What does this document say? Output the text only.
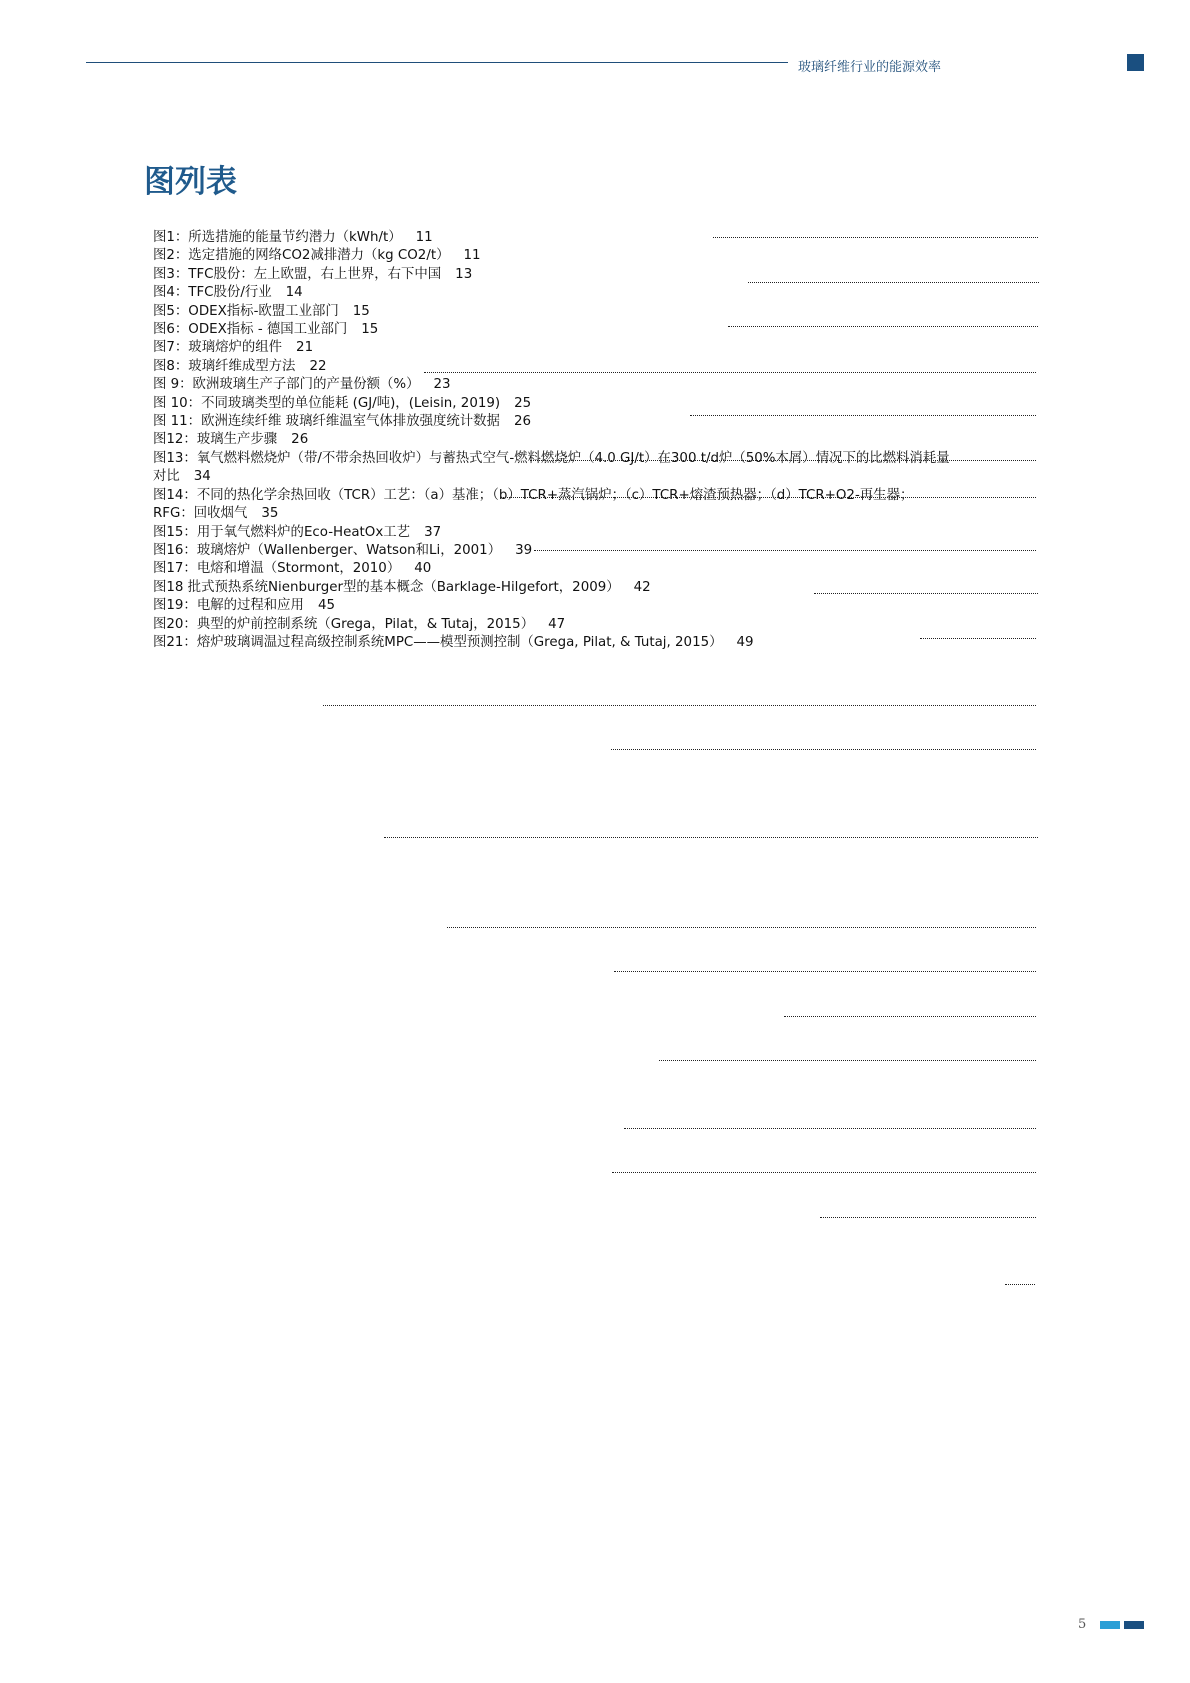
玻璃纤维行业的能源效率
图列表
图1：所选措施的能量节约潜力（kWh/t） 11
图2：选定措施的网络CO2减排潜力（kg CO2/t） 11
图3：TFC股份：左上欧盟，右上世界，右下中国 13
图4：TFC股份/行业 14
图5：ODEX指标-欧盟工业部门 15
图6：ODEX指标 - 德国工业部门 15
图7：玻璃熔炉的组件 21
图8：玻璃纤维成型方法 22
图 9：欧洲玻璃生产子部门的产量份额（%） 23
图 10：不同玻璃类型的单位能耗 (GJ/吨)，(Leisin, 2019) 25
图 11：欧洲连续纤维 玻璃纤维温室气体排放强度统计数据 26
图12：玻璃生产步骤 26
图13：氧气燃料燃烧炉（带/不带余热回收炉）与蓄热式空气-燃料燃烧炉（4.0 GJ/t）在300 t/d炉（50%木屑）情况下的比燃料消耗量
对比 34
图14：不同的热化学余热回收（TCR）工艺：（a）基准；（b）TCR+蒸汽锅炉；（c）TCR+熔渣预热器；（d）TCR+O2-再生器；
RFG：回收烟气 35
图15：用于氧气燃料炉的Eco-HeatOx工艺 37
图16：玻璃熔炉（Wallenberger、Watson和Li，2001） 39
图17：电熔和增温（Stormont，2010） 40
图18 批式预热系统Nienburger型的基本概念（Barklage-Hilgefort，2009） 42
图19：电解的过程和应用 45
图20：典型的炉前控制系统（Grega，Pilat，& Tutaj，2015） 47
图21：熔炉玻璃调温过程高级控制系统MPC——模型预测控制（Grega, Pilat, & Tutaj, 2015） 49
5
